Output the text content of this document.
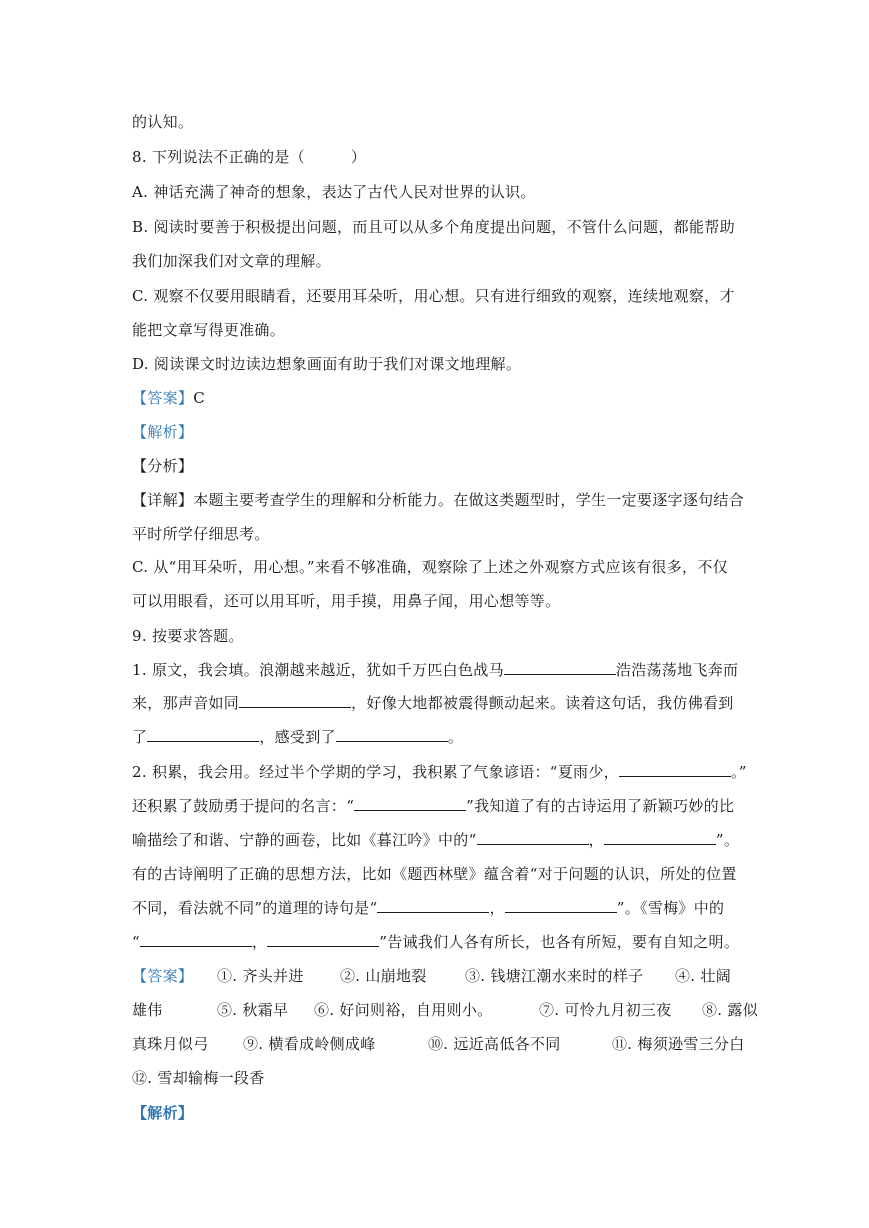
的认知。
8. 下列说法不正确的是（　　　）
A. 神话充满了神奇的想象，表达了古代人民对世界的认识。
B. 阅读时要善于积极提出问题，而且可以从多个角度提出问题，不管什么问题，都能帮助
我们加深我们对文章的理解。
C. 观察不仅要用眼睛看，还要用耳朵听，用心想。只有进行细致的观察，连续地观察，才
能把文章写得更准确。
D. 阅读课文时边读边想象画面有助于我们对课文地理解。
【答案】C
【解析】
【分析】
【详解】本题主要考查学生的理解和分析能力。在做这类题型时，学生一定要逐字逐句结合
平时所学仔细思考。
C. 从“用耳朵听，用心想。”来看不够准确，观察除了上述之外观察方式应该有很多，不仅
可以用眼看，还可以用耳听，用手摸，用鼻子闻，用心想等等。
9. 按要求答题。
1. 原文，我会填。浪潮越来越近，犹如千万匹白色战马	浩浩荡荡地飞奔而
来，那声音如同	，好像大地都被震得颤动起来。读着这句话，我仿佛看到
了	，感受到了	。
2. 积累，我会用。经过半个学期的学习，我积累了气象谚语：“夏雨少，	。”
还积累了鼓励勇于提问的名言：“	”我知道了有的古诗运用了新颖巧妙的比
喻描绘了和谐、宁静的画卷，比如《暮江吟》中的“	，	”。
有的古诗阐明了正确的思想方法，比如《题西林壁》蕴含着“对于问题的认识，所处的位置
不同，看法就不同”的道理的诗句是“	，	”。《雪梅》中的
“	，	”告诫我们人各有所长，也各有所短，要有自知之明。
【答案】 ①. 齐头并进 ②. 山崩地裂	③. 钱塘江潮水来时的样子 ④. 壮阔
雄伟	⑤. 秋霜早 ⑥. 好问则裕，自用则小。	⑦. 可怜九月初三夜 ⑧. 露似
真珠月似弓 ⑨. 横看成岭侧成峰	⑩. 远近高低各不同	⑪. 梅须逊雪三分白
⑫. 雪却输梅一段香
【解析】
